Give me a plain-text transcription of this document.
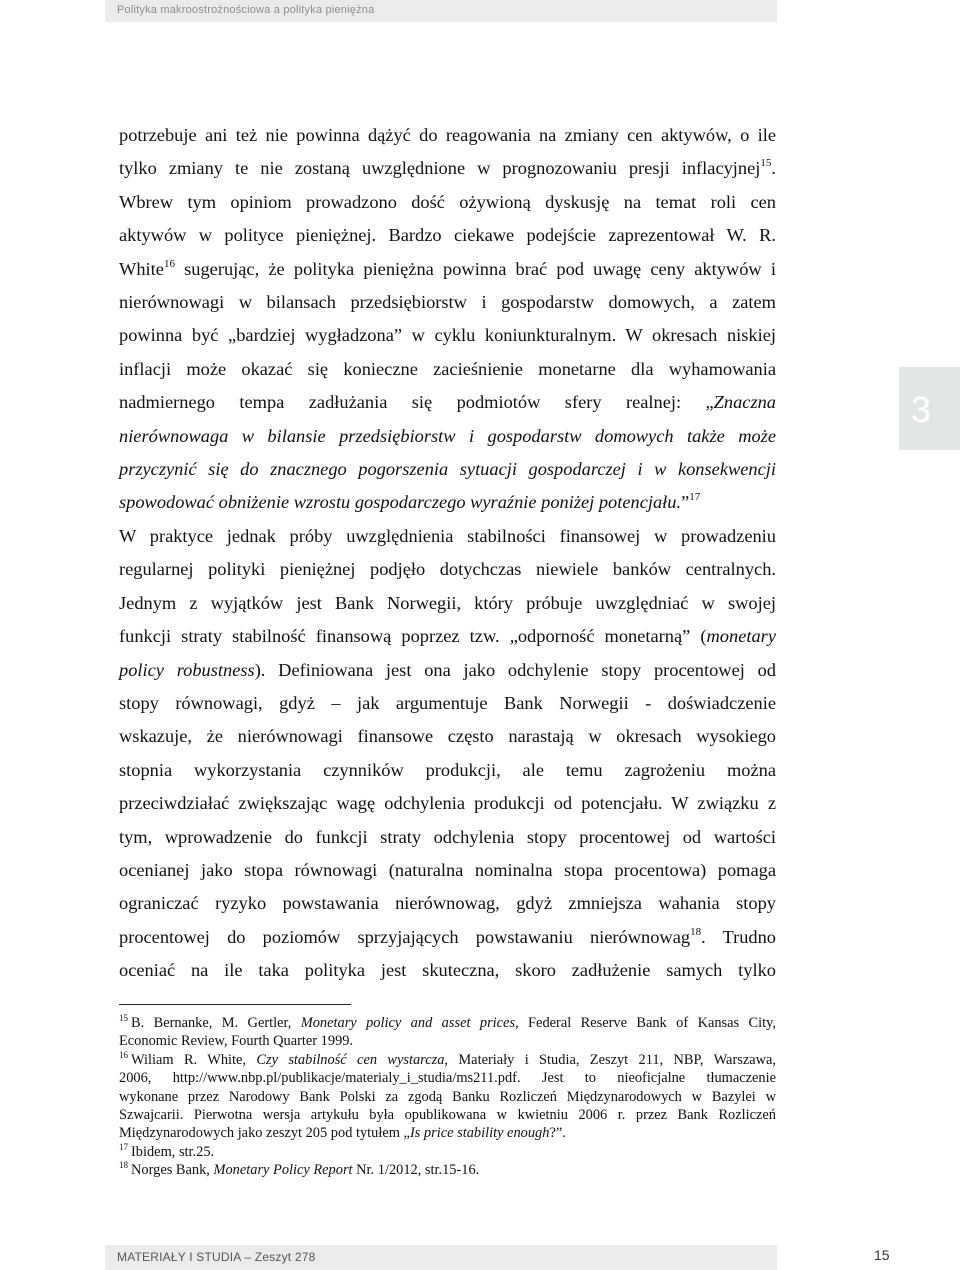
Polityka makroostrożnościowa a polityka pieniężna
3
potrzebuje ani też nie powinna dążyć do reagowania na zmiany cen aktywów, o ile
tylko zmiany te nie zostaną uwzględnione w prognozowaniu presji inflacyjnej$^{15}$.
Wbrew tym opiniom prowadzono dość ożywioną dyskusję na temat roli cen
aktywów w polityce pieniężnej. Bardzo ciekawe podejście zaprezentował W. R.
White$^{16}$ sugerując, że polityka pieniężna powinna brać pod uwagę ceny aktywów i
nierównowagi w bilansach przedsiębiorstw i gospodarstw domowych, a zatem
powinna być „bardziej wygładzona” w cyklu koniunkturalnym. W okresach niskiej
inflacji może okazać się konieczne zacieśnienie monetarne dla wyhamowania
nadmiernego tempa zadłużania się podmiotów sfery realnej: „Znaczna
nierównowaga w bilansie przedsiębiorstw i gospodarstw domowych także może
przyczynić się do znacznego pogorszenia sytuacji gospodarczej i w konsekwencji
spowodować obniżenie wzrostu gospodarczego wyraźnie poniżej potencjału.”$^{17}$
W praktyce jednak próby uwzględnienia stabilności finansowej w prowadzeniu
regularnej polityki pieniężnej podjęło dotychczas niewiele banków centralnych.
Jednym z wyjątków jest Bank Norwegii, który próbuje uwzględniać w swojej
funkcji straty stabilność finansową poprzez tzw. „odporność monetarną” (monetary
policy robustness). Definiowana jest ona jako odchylenie stopy procentowej od
stopy równowagi, gdyż – jak argumentuje Bank Norwegii - doświadczenie
wskazuje, że nierównowagi finansowe często narastają w okresach wysokiego
stopnia wykorzystania czynników produkcji, ale temu zagrożeniu można
przeciwdziałać zwiększając wagę odchylenia produkcji od potencjału. W związku z
tym, wprowadzenie do funkcji straty odchylenia stopy procentowej od wartości
ocenianej jako stopa równowagi (naturalna nominalna stopa procentowa) pomaga
ograniczać ryzyko powstawania nierównowag, gdyż zmniejsza wahania stopy
procentowej do poziomów sprzyjających powstawaniu nierównowag$^{18}$. Trudno
oceniać na ile taka polityka jest skuteczna, skoro zadłużenie samych tylko
$^{15}$ B. Bernanke, M. Gertler, Monetary policy and asset prices, Federal Reserve Bank of Kansas City,
Economic Review, Fourth Quarter 1999.
$^{16}$ Wiliam R. White, Czy stabilność cen wystarcza, Materiały i Studia, Zeszyt 211, NBP, Warszawa,
2006, http://www.nbp.pl/publikacje/materialy_i_studia/ms211.pdf. Jest to nieoficjalne tłumaczenie
wykonane przez Narodowy Bank Polski za zgodą Banku Rozliczeń Międzynarodowych w Bazylei w
Szwajcarii. Pierwotna wersja artykułu była opublikowana w kwietniu 2006 r. przez Bank Rozliczeń
Międzynarodowych jako zeszyt 205 pod tytułem „Is price stability enough?”.
$^{17}$ Ibidem, str.25.
$^{18}$ Norges Bank, Monetary Policy Report Nr. 1/2012, str.15-16.
MATERIAŁY I STUDIA – Zeszyt 278	15
